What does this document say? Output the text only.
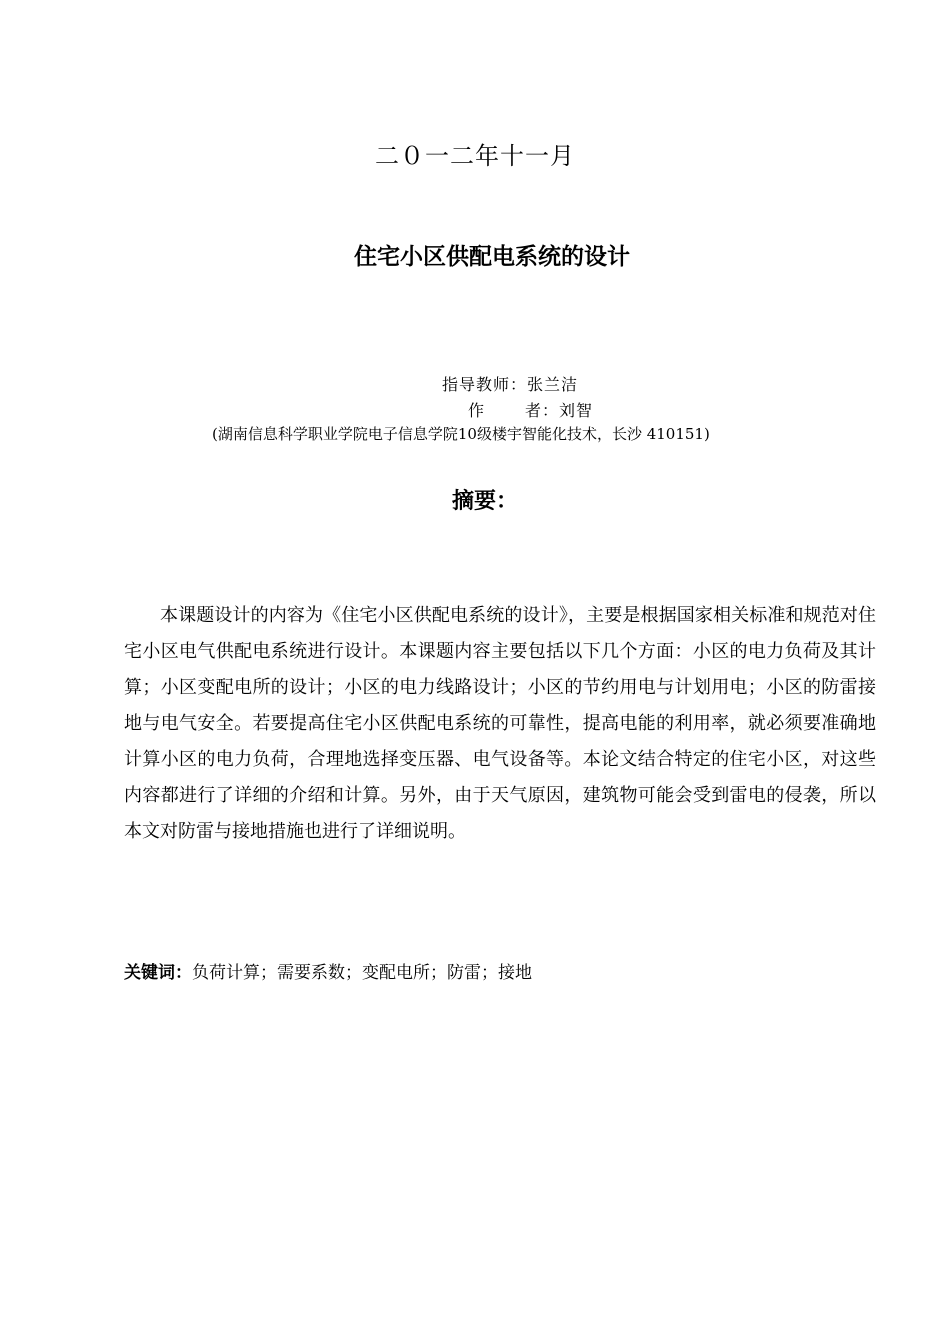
二０一二年十一月
住宅小区供配电系统的设计
指导教师：张兰洁
作	者：刘智
(湖南信息科学职业学院电子信息学院10级楼宇智能化技术，长沙 410151)
摘要：

本课题设计的内容为《住宅小区供配电系统的设计》，主要是根据国家相关标准和规范对住宅小区电气供配电系统进行设计。本课题内容主要包括以下几个方面：小区的电力负荷及其计算；小区变配电所的设计；小区的电力线路设计；小区的节约用电与计划用电；小区的防雷接地与电气安全。若要提高住宅小区供配电系统的可靠性，提高电能的利用率，就必须要准确地计算小区的电力负荷，合理地选择变压器、电气设备等。本论文结合特定的住宅小区，对这些内容都进行了详细的介绍和计算。另外，由于天气原因，建筑物可能会受到雷电的侵袭，所以本文对防雷与接地措施也进行了详细说明。

关键词：负荷计算；需要系数；变配电所；防雷；接地
